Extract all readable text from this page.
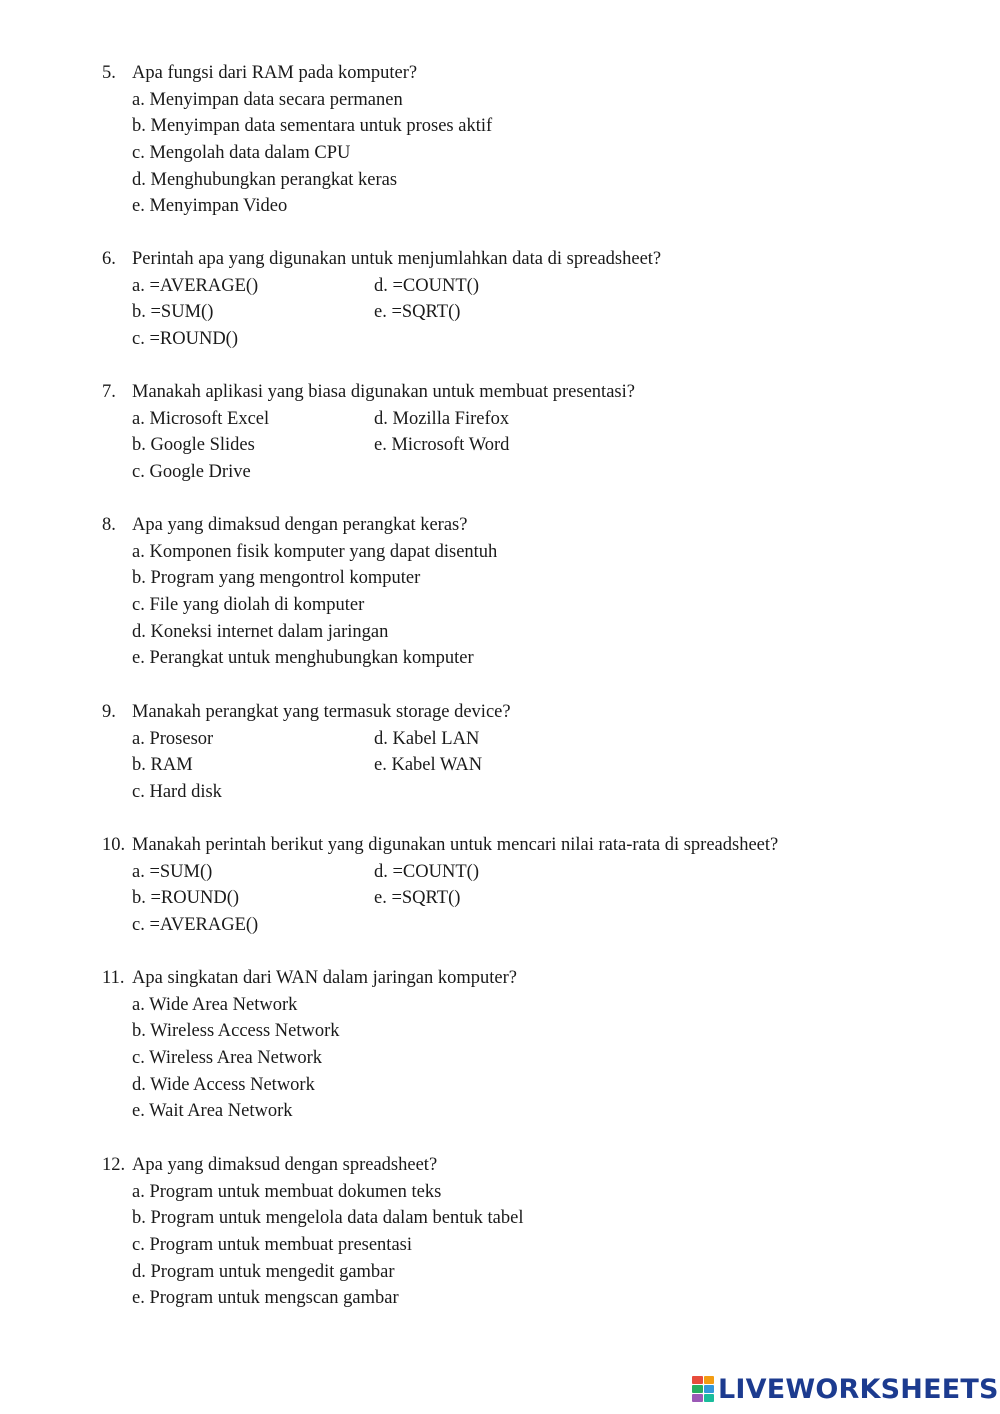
5. Apa fungsi dari RAM pada komputer?
a. Menyimpan data secara permanen
b. Menyimpan data sementara untuk proses aktif
c. Mengolah data dalam CPU
d. Menghubungkan perangkat keras
e. Menyimpan Video
6. Perintah apa yang digunakan untuk menjumlahkan data di spreadsheet?
a. =AVERAGE()	d. =COUNT()
b. =SUM()	e. =SQRT()
c. =ROUND()
7. Manakah aplikasi yang biasa digunakan untuk membuat presentasi?
a. Microsoft Excel	d. Mozilla Firefox
b. Google Slides	e. Microsoft Word
c. Google Drive
8. Apa yang dimaksud dengan perangkat keras?
a. Komponen fisik komputer yang dapat disentuh
b. Program yang mengontrol komputer
c. File yang diolah di komputer
d. Koneksi internet dalam jaringan
e. Perangkat untuk menghubungkan komputer
9. Manakah perangkat yang termasuk storage device?
a. Prosesor	d. Kabel LAN
b. RAM	e. Kabel WAN
c. Hard disk
10. Manakah perintah berikut yang digunakan untuk mencari nilai rata-rata di spreadsheet?
a. =SUM()	d. =COUNT()
b. =ROUND()	e. =SQRT()
c. =AVERAGE()
11. Apa singkatan dari WAN dalam jaringan komputer?
a. Wide Area Network
b. Wireless Access Network
c. Wireless Area Network
d. Wide Access Network
e. Wait Area Network
12. Apa yang dimaksud dengan spreadsheet?
a. Program untuk membuat dokumen teks
b. Program untuk mengelola data dalam bentuk tabel
c. Program untuk membuat presentasi
d. Program untuk mengedit gambar
e. Program untuk mengscan gambar
LIVEWORKSHEETS
